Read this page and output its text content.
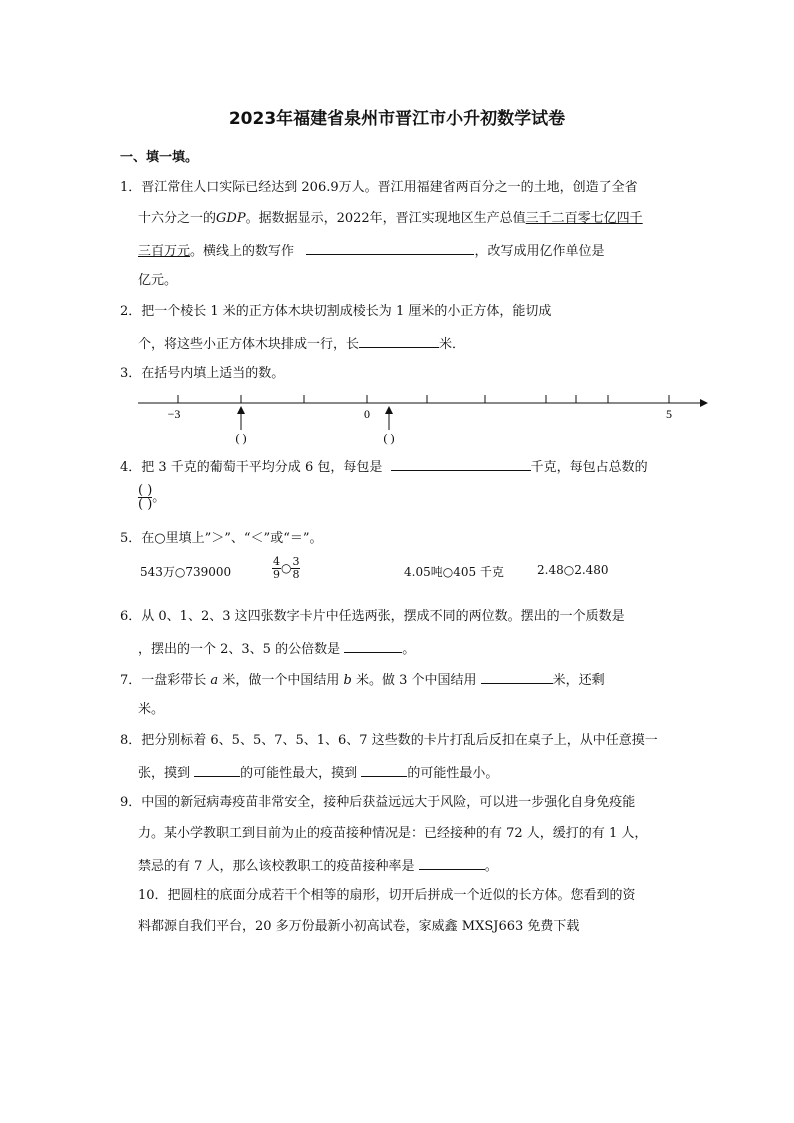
2023年福建省泉州市晋江市小升初数学试卷
一、填一填。
1．晋江常住人口实际已经达到 206.9万人。晋江用福建省两百分之一的土地，创造了全省
十六分之一的GDP。据数据显示，2022年，晋江实现地区生产总值三千二百零七亿四千
三百万元。横线上的数写作	，改写成用亿作单位是
亿元。
2．把一个棱长 1 米的正方体木块切割成棱长为 1 厘米的小正方体，能切成
个，将这些小正方体木块排成一行，长	米．
3．在括号内填上适当的数。
−3	0	5
( )	( )
4．把 3 千克的葡萄干平均分成 6 包，每包是	千克，每包占总数的
$\frac{( )}{( )}$ 。
5．在○里填上”＞”、“＜”或“＝”。
543万○739000	$\frac{4}{9}$ ○ $\frac{3}{8}$	4.05吨○405 千克	2.48○2.480
6．从 0、1、2、3 这四张数字卡片中任选两张，摆成不同的两位数。摆出的一个质数是
，摆出的一个 2、3、5 的公倍数是	。
7．一盘彩带长 a 米，做一个中国结用 b 米。做 3 个中国结用	米，还剩
米。
8．把分别标着 6、5、5、7、5、1、6、7 这些数的卡片打乱后反扣在桌子上，从中任意摸一
张，摸到	的可能性最大，摸到	的可能性最小。
9．中国的新冠病毒疫苗非常安全，接种后获益远远大于风险，可以进一步强化自身免疫能
力。某小学教职工到目前为止的疫苗接种情况是：已经接种的有 72 人，缓打的有 1 人，
禁忌的有 7 人，那么该校教职工的疫苗接种率是	。
10．把圆柱的底面分成若干个相等的扇形，切开后拼成一个近似的长方体。您看到的资
料都源自我们平台，20 多万份最新小初高试卷，家威鑫 MXSJ663 免费下载
